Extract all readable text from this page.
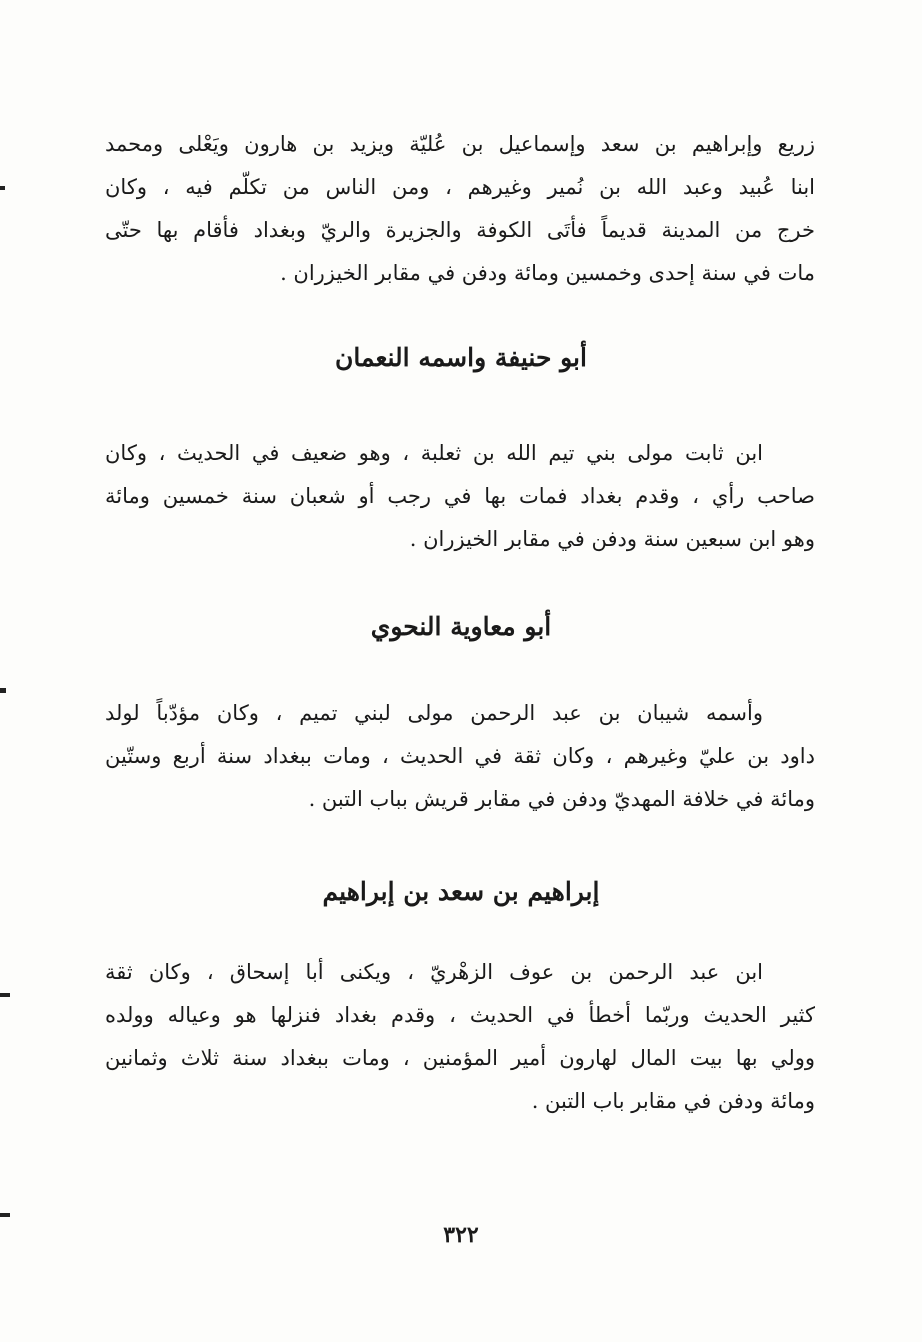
زريع وإبراهيم بن سعد وإسماعيل بن عُليّة ويزيد بن هارون ويَعْلى ومحمد
ابنا عُبيد وعبد الله بن نُمير وغيرهم ، ومن الناس من تكلّم فيه ، وكان
خرج من المدينة قديماً فأتَى الكوفة والجزيرة والريّ وبغداد فأقام بها حتّى
مات في سنة إحدى وخمسين ومائة ودفن في مقابر الخيزران .
أبو حنيفة واسمه النعمان
ابن ثابت مولى بني تيم الله بن ثعلبة ، وهو ضعيف في الحديث ، وكان
صاحب رأي ، وقدم بغداد فمات بها في رجب أو شعبان سنة خمسين ومائة
وهو ابن سبعين سنة ودفن في مقابر الخيزران .
أبو معاوية النحوي
وأسمه شيبان بن عبد الرحمن مولى لبني تميم ، وكان مؤدّباً لولد
داود بن عليّ وغيرهم ، وكان ثقة في الحديث ، ومات ببغداد سنة أربع وستّين
ومائة في خلافة المهديّ ودفن في مقابر قريش بباب التبن .
إبراهيم بن سعد بن إبراهيم
ابن عبد الرحمن بن عوف الزهْريّ ، ويكنى أبا إسحاق ، وكان ثقة
كثير الحديث وربّما أخطأ في الحديث ، وقدم بغداد فنزلها هو وعياله وولده
وولي بها بيت المال لهارون أمير المؤمنين ، ومات ببغداد سنة ثلاث وثمانين
ومائة ودفن في مقابر باب التبن .
٣٢٢
